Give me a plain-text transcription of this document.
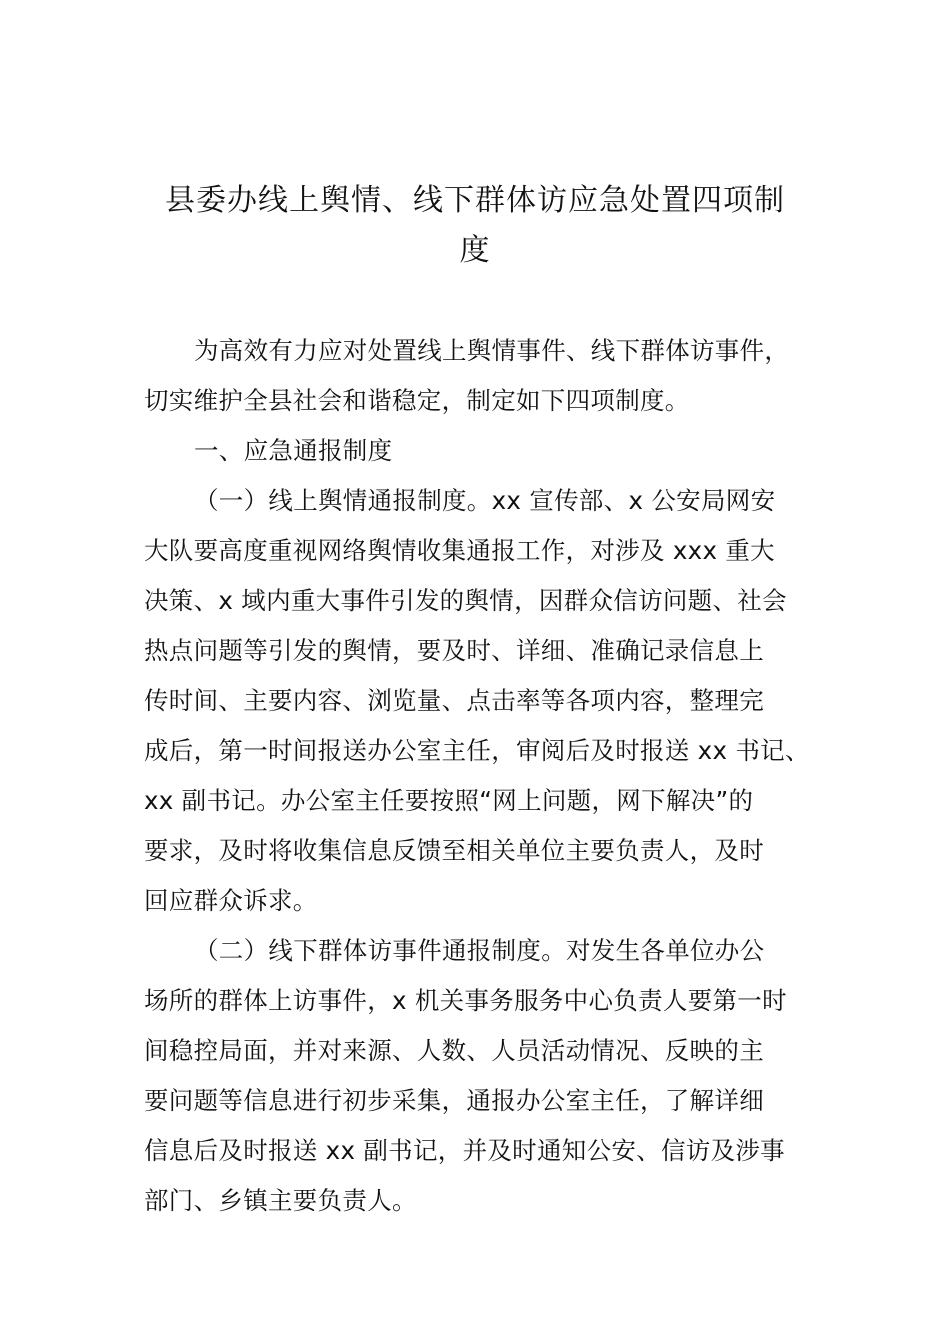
县委办线上舆情、线下群体访应急处置四项制
度
为高效有力应对处置线上舆情事件、线下群体访事件，
切实维护全县社会和谐稳定，制定如下四项制度。
一、应急通报制度
（一）线上舆情通报制度。xx 宣传部、x 公安局网安
大队要高度重视网络舆情收集通报工作，对涉及 xxx 重大
决策、x 域内重大事件引发的舆情，因群众信访问题、社会
热点问题等引发的舆情，要及时、详细、准确记录信息上
传时间、主要内容、浏览量、点击率等各项内容，整理完
成后，第一时间报送办公室主任，审阅后及时报送 xx 书记、
xx 副书记。办公室主任要按照“网上问题，网下解决”的
要求，及时将收集信息反馈至相关单位主要负责人，及时
回应群众诉求。
（二）线下群体访事件通报制度。对发生各单位办公
场所的群体上访事件，x 机关事务服务中心负责人要第一时
间稳控局面，并对来源、人数、人员活动情况、反映的主
要问题等信息进行初步采集，通报办公室主任，了解详细
信息后及时报送 xx 副书记，并及时通知公安、信访及涉事
部门、乡镇主要负责人。
